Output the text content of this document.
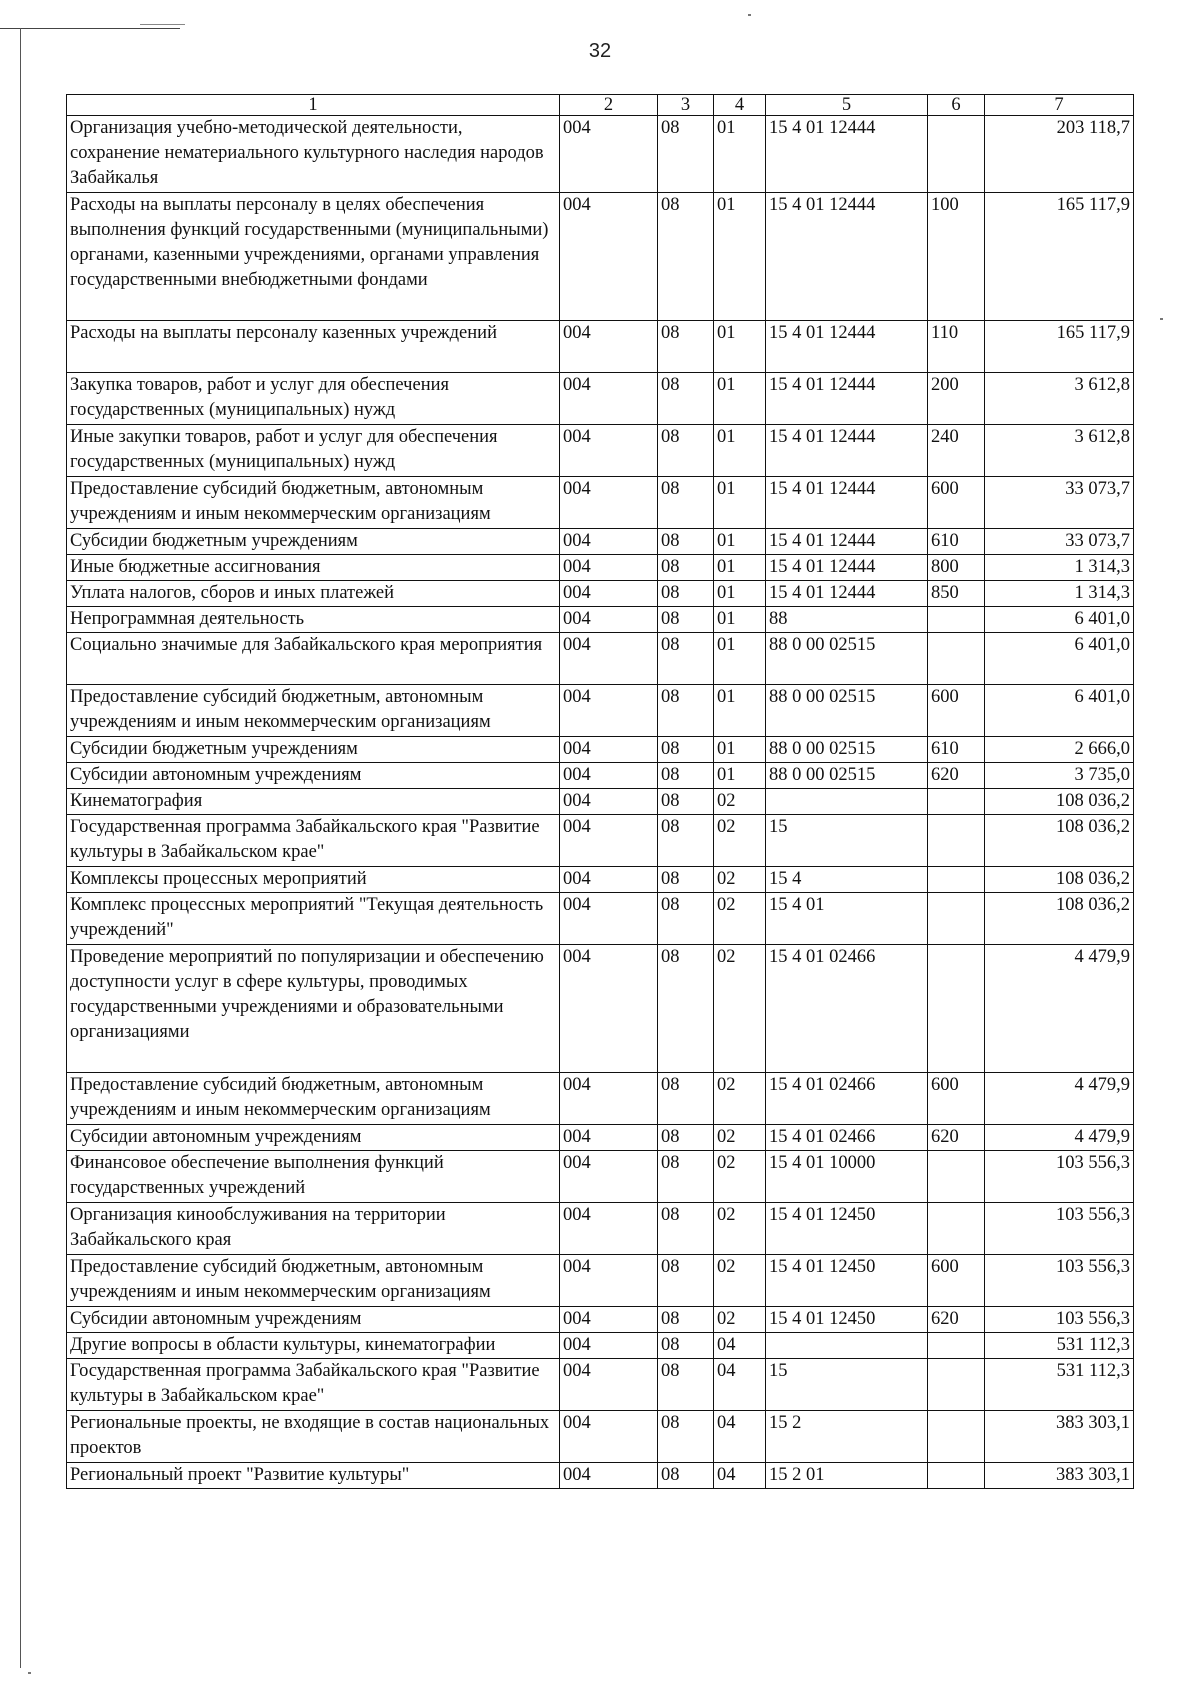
32
1	2	3	4	5	6	7
Организация учебно-методической деятельности, сохранение нематериального культурного наследия народов Забайкалья	004	08	01	15 4 01 12444		203 118,7
Расходы на выплаты персоналу в целях обеспечения выполнения функций государственными (муниципальными) органами, казенными учреждениями, органами управления государственными внебюджетными фондами	004	08	01	15 4 01 12444	100	165 117,9
Расходы на выплаты персоналу казенных учреждений	004	08	01	15 4 01 12444	110	165 117,9
Закупка товаров, работ и услуг для обеспечения государственных (муниципальных) нужд	004	08	01	15 4 01 12444	200	3 612,8
Иные закупки товаров, работ и услуг для обеспечения государственных (муниципальных) нужд	004	08	01	15 4 01 12444	240	3 612,8
Предоставление субсидий бюджетным, автономным учреждениям и иным некоммерческим организациям	004	08	01	15 4 01 12444	600	33 073,7
Субсидии бюджетным учреждениям	004	08	01	15 4 01 12444	610	33 073,7
Иные бюджетные ассигнования	004	08	01	15 4 01 12444	800	1 314,3
Уплата налогов, сборов и иных платежей	004	08	01	15 4 01 12444	850	1 314,3
Непрограммная деятельность	004	08	01	88		6 401,0
Социально значимые для Забайкальского края мероприятия	004	08	01	88 0 00 02515		6 401,0
Предоставление субсидий бюджетным, автономным учреждениям и иным некоммерческим организациям	004	08	01	88 0 00 02515	600	6 401,0
Субсидии бюджетным учреждениям	004	08	01	88 0 00 02515	610	2 666,0
Субсидии автономным учреждениям	004	08	01	88 0 00 02515	620	3 735,0
Кинематография	004	08	02			108 036,2
Государственная программа Забайкальского края "Развитие культуры в Забайкальском крае"	004	08	02	15		108 036,2
Комплексы процессных мероприятий	004	08	02	15 4		108 036,2
Комплекс процессных мероприятий "Текущая деятельность учреждений"	004	08	02	15 4 01		108 036,2
Проведение мероприятий по популяризации и обеспечению доступности услуг в сфере культуры, проводимых государственными учреждениями и образовательными организациями	004	08	02	15 4 01 02466		4 479,9
Предоставление субсидий бюджетным, автономным учреждениям и иным некоммерческим организациям	004	08	02	15 4 01 02466	600	4 479,9
Субсидии автономным учреждениям	004	08	02	15 4 01 02466	620	4 479,9
Финансовое обеспечение выполнения функций государственных учреждений	004	08	02	15 4 01 10000		103 556,3
Организация кинообслуживания на территории Забайкальского края	004	08	02	15 4 01 12450		103 556,3
Предоставление субсидий бюджетным, автономным учреждениям и иным некоммерческим организациям	004	08	02	15 4 01 12450	600	103 556,3
Субсидии автономным учреждениям	004	08	02	15 4 01 12450	620	103 556,3
Другие вопросы в области культуры, кинематографии	004	08	04			531 112,3
Государственная программа Забайкальского края "Развитие культуры в Забайкальском крае"	004	08	04	15		531 112,3
Региональные проекты, не входящие в состав национальных проектов	004	08	04	15 2		383 303,1
Региональный проект "Развитие культуры"	004	08	04	15 2 01		383 303,1
